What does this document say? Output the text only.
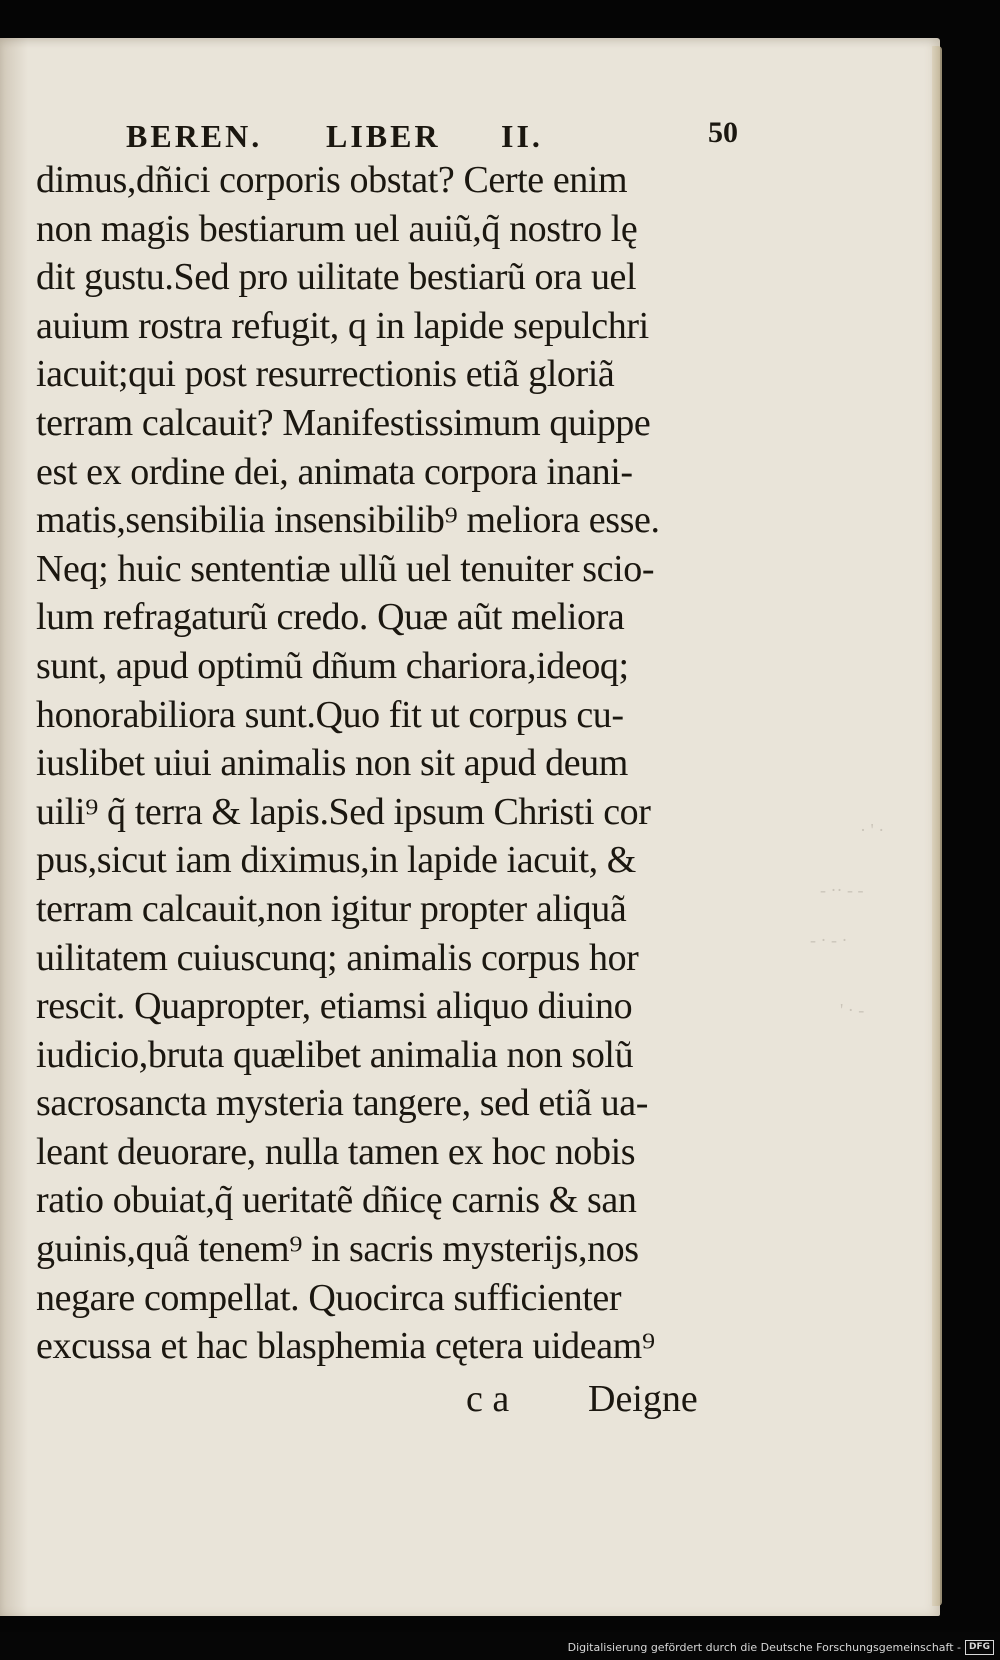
· ' ·
- - ·· -
· - · -
- · '
BEREN. LIBER II.	50
dimus,dñici corporis obstat? Certe enim
non magis bestiarum uel auiũ,q̃ nostro lę
dit gustu.Sed pro uilitate bestiarũ ora uel
auium rostra refugit, q in lapide sepulchri
iacuit;qui post resurrectionis etiã gloriã
terram calcauit? Manifestissimum quippe
est ex ordine dei, animata corpora inani-
matis,sensibilia insensibilib⁹ meliora esse.
Neq; huic sententiæ ullũ uel tenuiter scio-
lum refragaturũ credo. Quæ aũt meliora
sunt, apud optimũ dñum chariora,ideoq;
honorabiliora sunt.Quo fit ut corpus cu-
iuslibet uiui animalis non sit apud deum
uili⁹ q̃ terra & lapis.Sed ipsum Christi cor
pus,sicut iam diximus,in lapide iacuit, &
terram calcauit,non igitur propter aliquã
uilitatem cuiuscunq; animalis corpus hor
rescit. Quapropter, etiamsi aliquo diuino
iudicio,bruta quælibet animalia non solũ
sacrosancta mysteria tangere, sed etiã ua-
leant deuorare, nulla tamen ex hoc nobis
ratio obuiat,q̃ ueritatẽ dñicę carnis & san
guinis,quã tenem⁹ in sacris mysterijs,nos
negare compellat. Quocirca sufficienter
excussa et hac blasphemia cętera uideam⁹
c a Deigne
Digitalisierung gefördert durch die Deutsche Forschungsgemeinschaft - DFG
